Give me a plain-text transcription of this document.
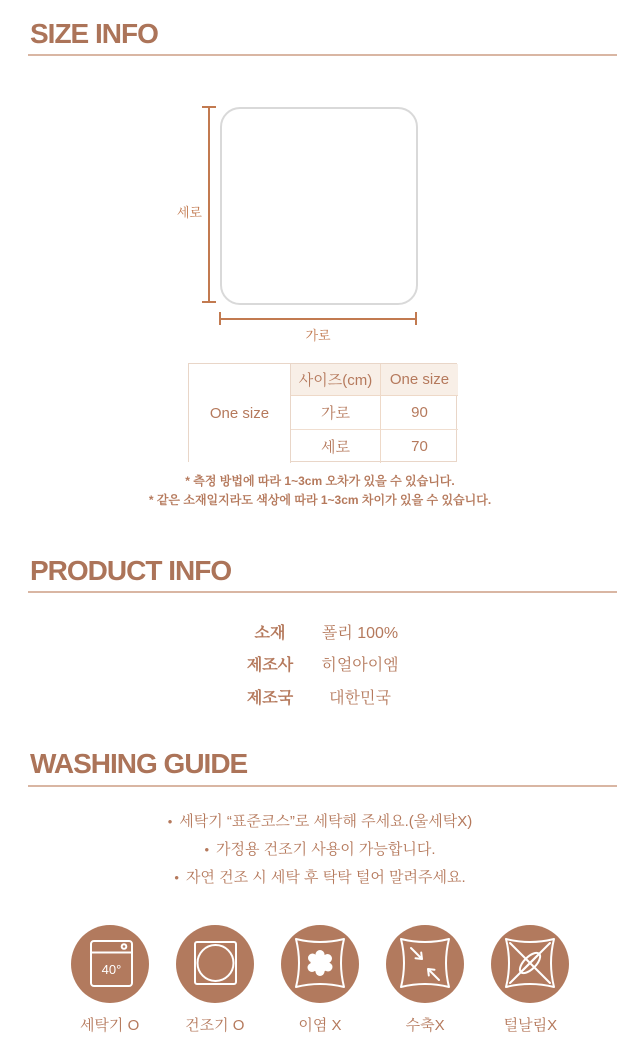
SIZE INFO
세로
가로
One size
사이즈(cm)	One size
가로	90
세로	70
* 측정 방법에 따라 1~3cm 오차가 있을 수 있습니다.
* 같은 소재일지라도 색상에 따라 1~3cm 차이가 있을 수 있습니다.
PRODUCT INFO
소재	폴리 100%
제조사	히얼아이엠
제조국	대한민국
WASHING GUIDE
• 세탁기 “표준코스”로 세탁해 주세요.(울세탁X)
• 가정용 건조기 사용이 가능합니다.
• 자연 건조 시 세탁 후 탁탁 털어 말려주세요.
40°
세탁기 O	건조기 O	이염 X	수축X	털날림X
